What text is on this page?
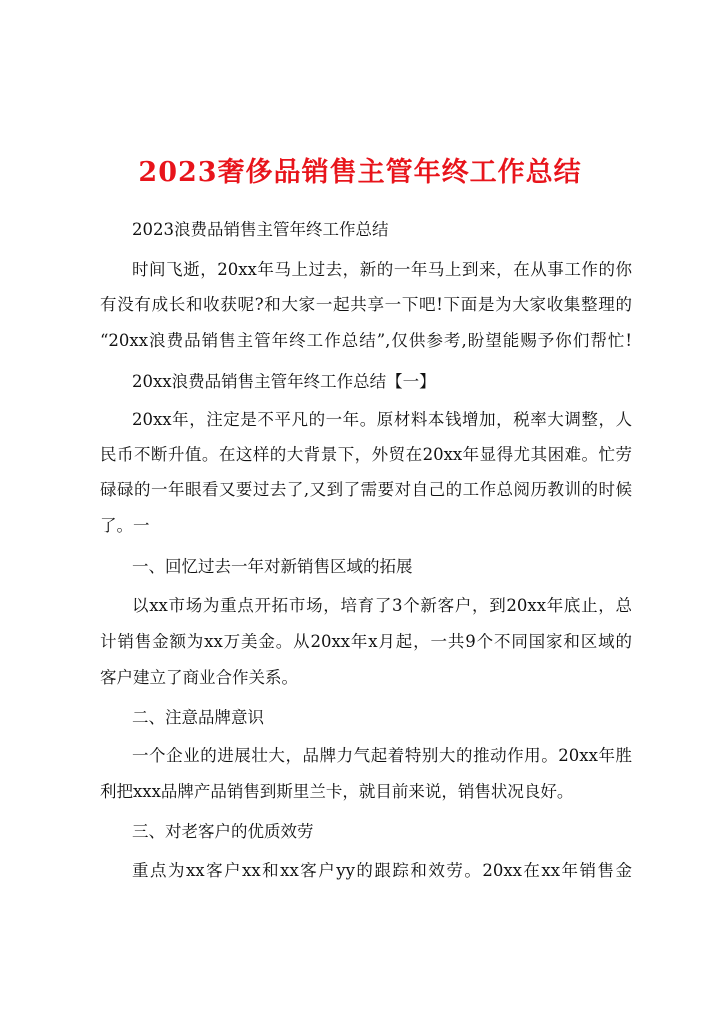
2023奢侈品销售主管年终工作总结

2023浪费品销售主管年终工作总结

时间飞逝，20xx年马上过去，新的一年马上到来，在从事工作的你

有没有成长和收获呢?和大家一起共享一下吧!下面是为大家收集整理的

“20xx浪费品销售主管年终工作总结”,仅供参考,盼望能赐予你们帮忙!

20xx浪费品销售主管年终工作总结【一】

20xx年，注定是不平凡的一年。原材料本钱增加，税率大调整，人

民币不断升值。在这样的大背景下，外贸在20xx年显得尤其困难。忙劳

碌碌的一年眼看又要过去了,又到了需要对自己的工作总阅历教训的时候

了。一

一、回忆过去一年对新销售区域的拓展

以xx市场为重点开拓市场，培育了3个新客户，到20xx年底止，总

计销售金额为xx万美金。从20xx年x月起，一共9个不同国家和区域的

客户建立了商业合作关系。

二、注意品牌意识

一个企业的进展壮大，品牌力气起着特别大的推动作用。20xx年胜

利把xxx品牌产品销售到斯里兰卡，就目前来说，销售状况良好。

三、对老客户的优质效劳

重点为xx客户xx和xx客户yy的跟踪和效劳。20xx在xx年销售金
